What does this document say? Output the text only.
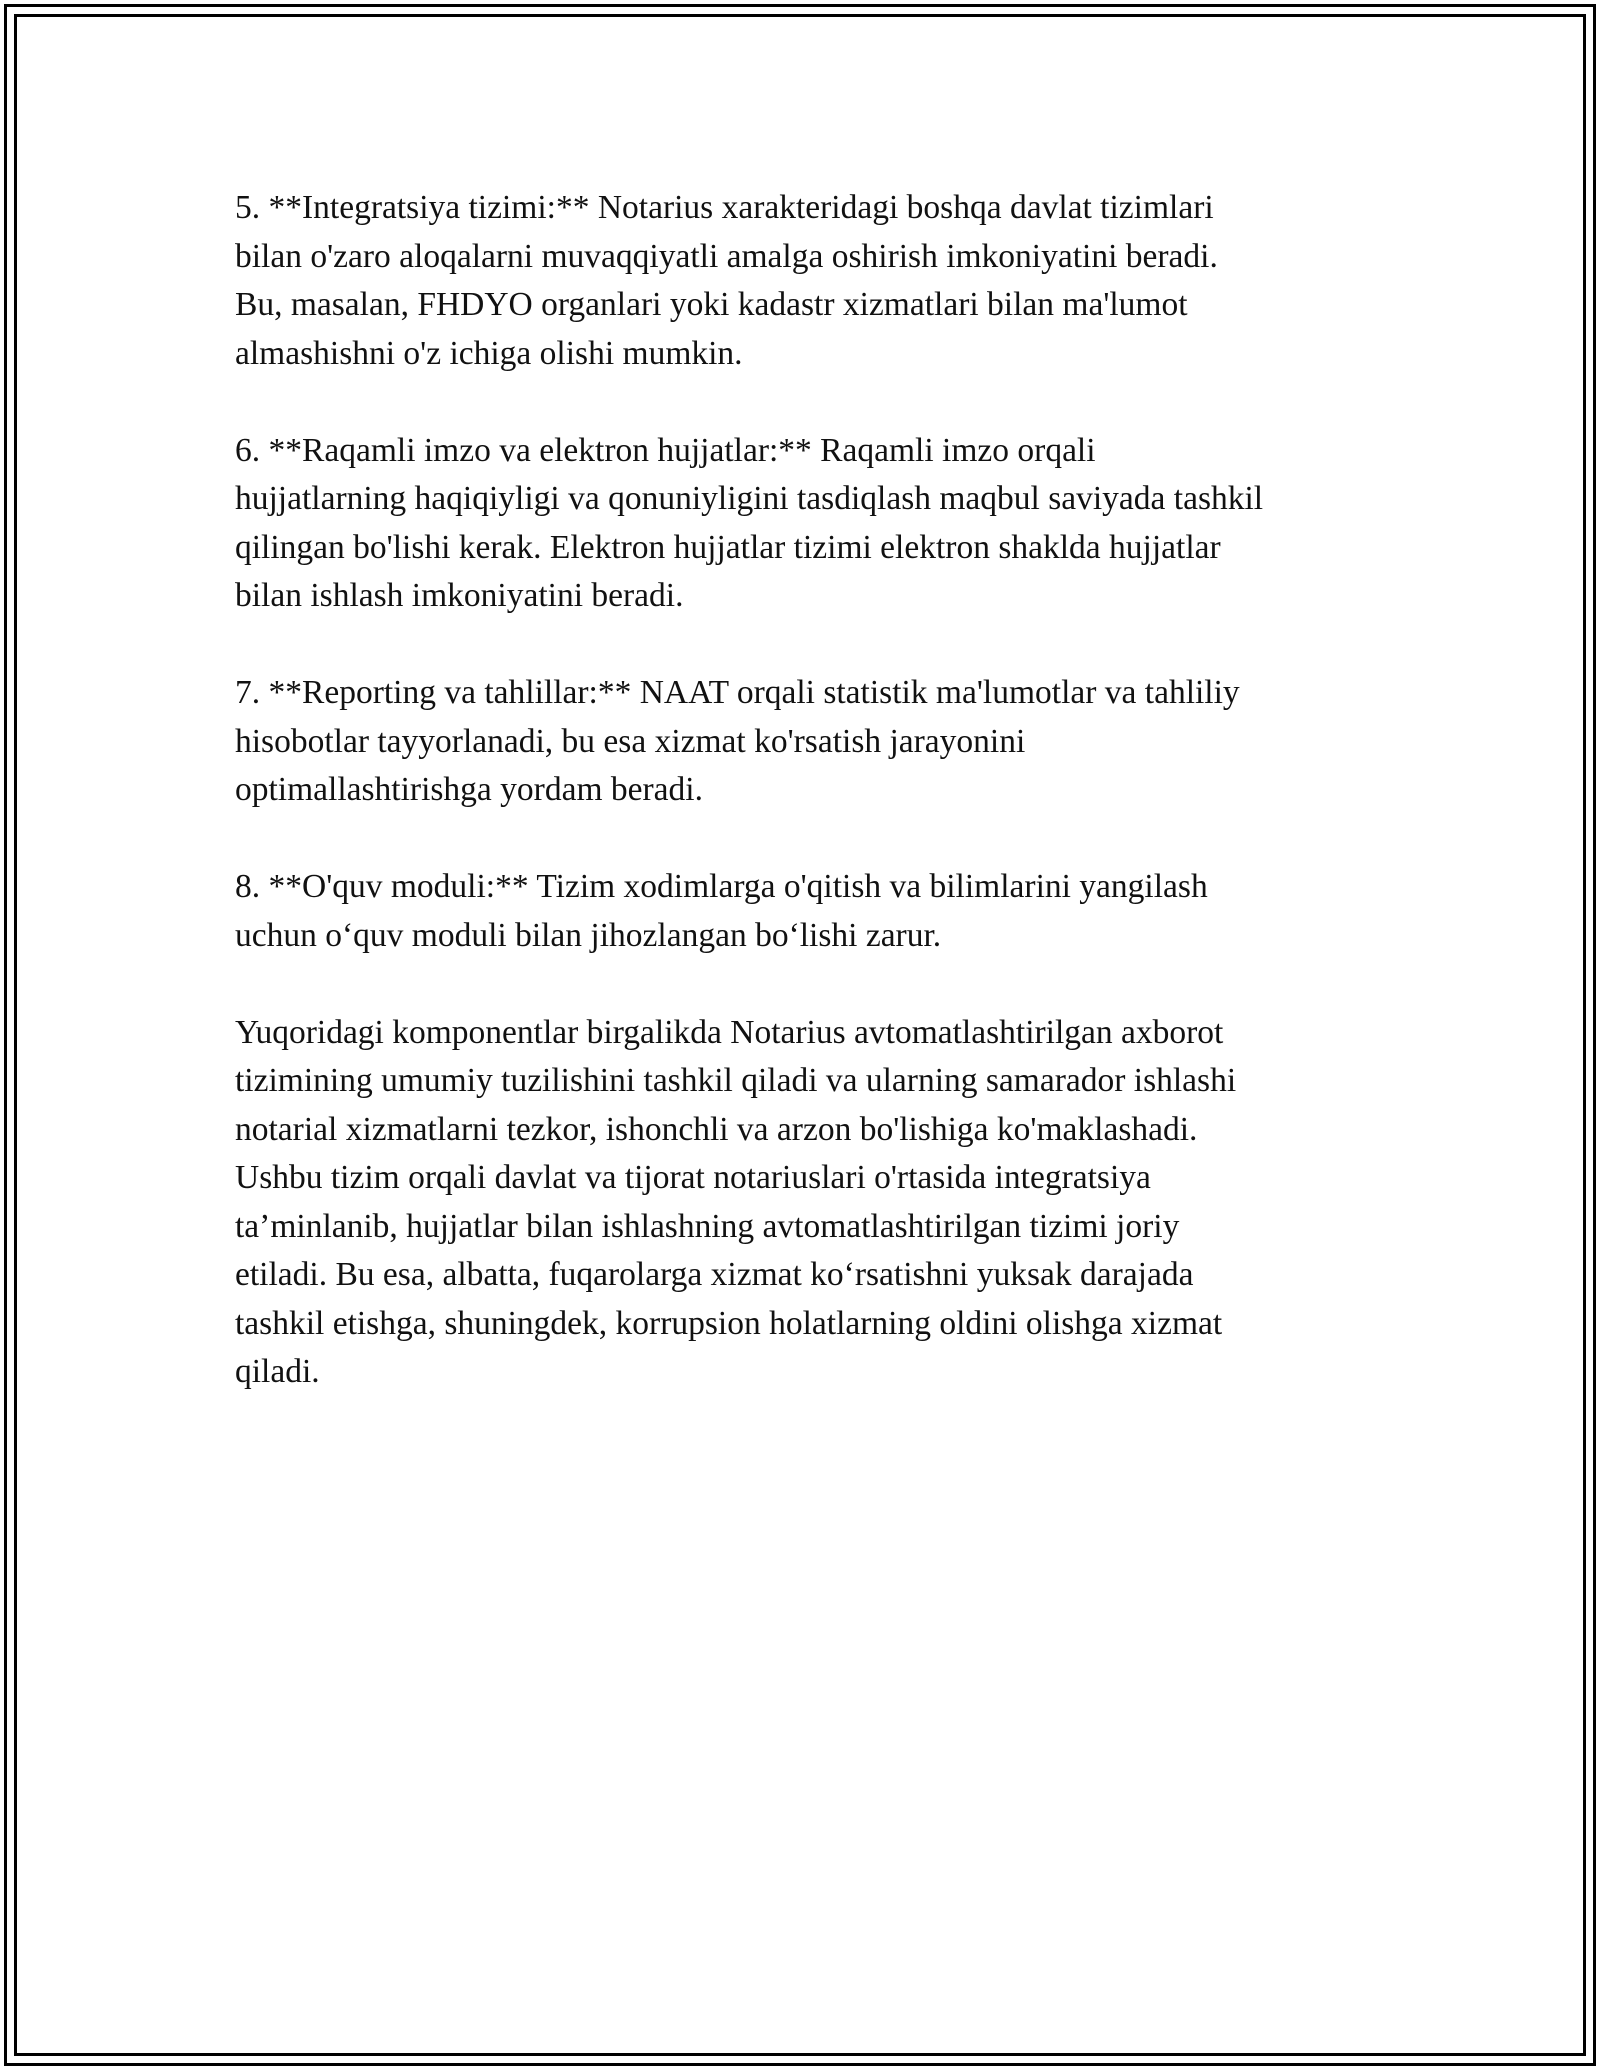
5. **Integratsiya tizimi:** Notarius xarakteridagi boshqa davlat tizimlari
bilan o'zaro aloqalarni muvaqqiyatli amalga oshirish imkoniyatini beradi.
Bu, masalan, FHDYO organlari yoki kadastr xizmatlari bilan ma'lumot
almashishni o'z ichiga olishi mumkin.

6. **Raqamli imzo va elektron hujjatlar:** Raqamli imzo orqali
hujjatlarning haqiqiyligi va qonuniyligini tasdiqlash maqbul saviyada tashkil
qilingan bo'lishi kerak. Elektron hujjatlar tizimi elektron shaklda hujjatlar
bilan ishlash imkoniyatini beradi.

7. **Reporting va tahlillar:** NAAT orqali statistik ma'lumotlar va tahliliy
hisobotlar tayyorlanadi, bu esa xizmat ko'rsatish jarayonini
optimallashtirishga yordam beradi.

8. **O'quv moduli:** Tizim xodimlarga o'qitish va bilimlarini yangilash
uchun o‘quv moduli bilan jihozlangan bo‘lishi zarur.

Yuqoridagi komponentlar birgalikda Notarius avtomatlashtirilgan axborot
tizimining umumiy tuzilishini tashkil qiladi va ularning samarador ishlashi
notarial xizmatlarni tezkor, ishonchli va arzon bo'lishiga ko'maklashadi.
Ushbu tizim orqali davlat va tijorat notariuslari o'rtasida integratsiya
ta’minlanib, hujjatlar bilan ishlashning avtomatlashtirilgan tizimi joriy
etiladi. Bu esa, albatta, fuqarolarga xizmat ko‘rsatishni yuksak darajada
tashkil etishga, shuningdek, korrupsion holatlarning oldini olishga xizmat
qiladi.
